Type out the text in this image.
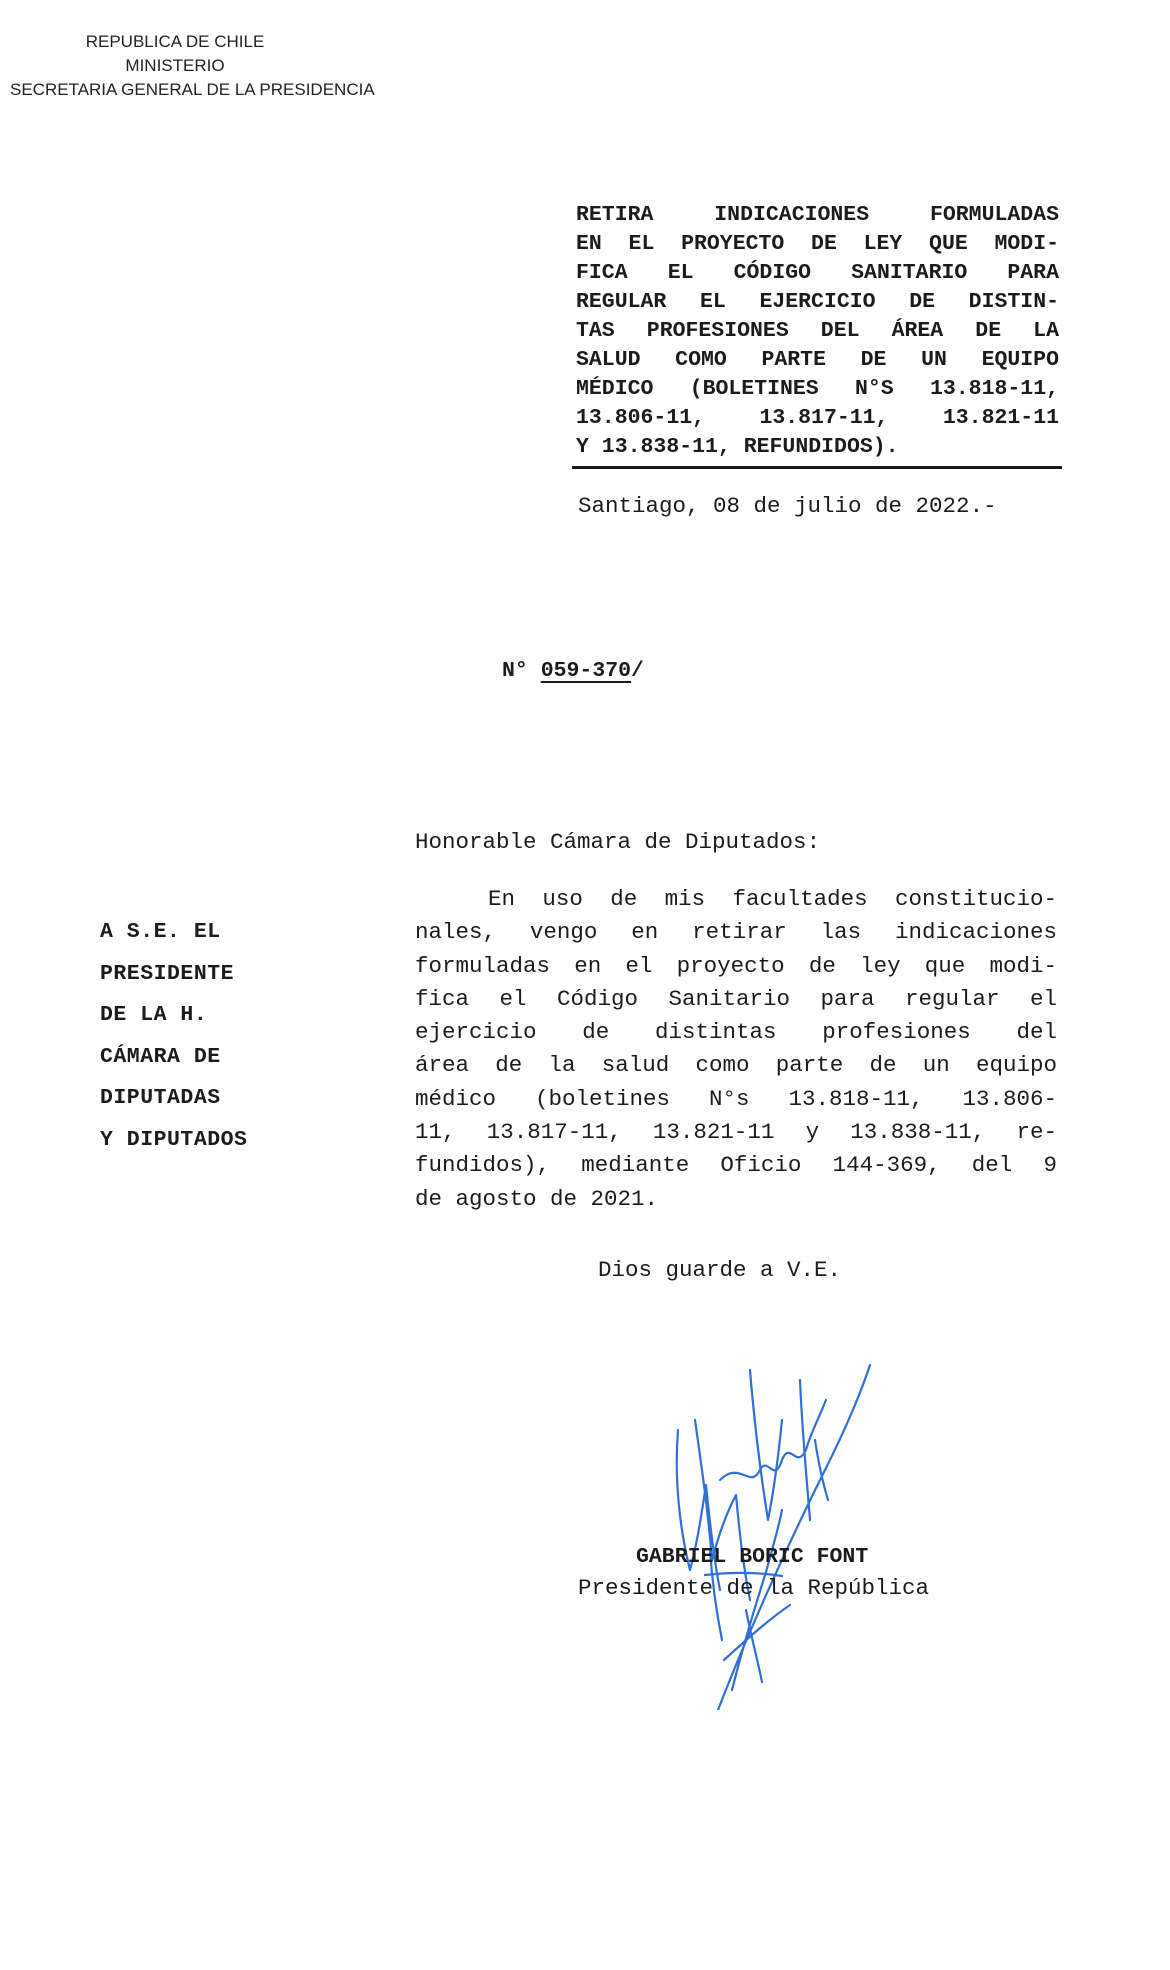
REPUBLICA DE CHILE
MINISTERIO
SECRETARIA GENERAL DE LA PRESIDENCIA
RETIRA INDICACIONES FORMULADAS
EN EL PROYECTO DE LEY QUE MODI-
FICA EL CÓDIGO SANITARIO PARA
REGULAR EL EJERCICIO DE DISTIN-
TAS PROFESIONES DEL ÁREA DE LA
SALUD COMO PARTE DE UN EQUIPO
MÉDICO (BOLETINES N°S 13.818-11,
13.806-11, 13.817-11, 13.821-11
Y 13.838-11, REFUNDIDOS).
Santiago, 08 de julio de 2022.-
N° 059-370/
A S.E. EL
PRESIDENTE
DE LA H.
CÁMARA DE
DIPUTADAS
Y DIPUTADOS
Honorable Cámara de Diputados:
En uso de mis facultades constitucio-
nales, vengo en retirar las indicaciones
formuladas en el proyecto de ley que modi-
fica el Código Sanitario para regular el
ejercicio de distintas profesiones del
área de la salud como parte de un equipo
médico (boletines N°s 13.818-11, 13.806-
11, 13.817-11, 13.821-11 y 13.838-11, re-
fundidos), mediante Oficio 144-369, del 9
de agosto de 2021.
Dios guarde a V.E.
GABRIEL BORIC FONT
Presidente de la República
